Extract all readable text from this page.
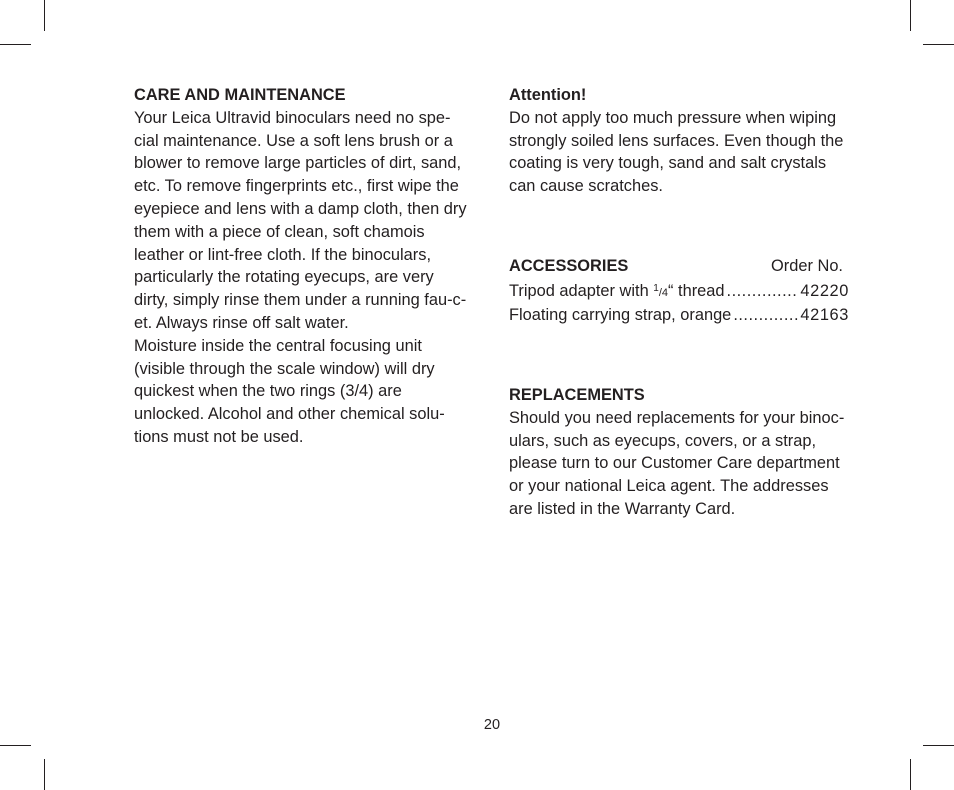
CARE AND MAINTENANCE
Your Leica Ultravid binoculars need no spe-
cial maintenance. Use a soft lens brush or a
blower to remove large particles of dirt, sand,
etc. To remove fingerprints etc., first wipe the
eyepiece and lens with a damp cloth, then dry
them with a piece of clean, soft chamois
leather or lint-free cloth. If the binoculars,
particularly the rotating eyecups, are very
dirty, simply rinse them under a running fau-c-
et. Always rinse off salt water.
Moisture inside the central focusing unit
(visible through the scale window) will dry
quickest when the two rings (3/4) are
unlocked. Alcohol and other chemical solu-
tions must not be used.
Attention!
Do not apply too much pressure when wiping
strongly soiled lens surfaces. Even though the
coating is very tough, sand and salt crystals
can cause scratches.
ACCESSORIES	Order No.
Tripod adapter with $^1$/4“ thread .....	42220
Floating carrying strap, orange .....	42163
REPLACEMENTS
Should you need replacements for your binoc-
ulars, such as eyecups, covers, or a strap,
please turn to our Customer Care department
or your national Leica agent. The addresses
are listed in the Warranty Card.
20
